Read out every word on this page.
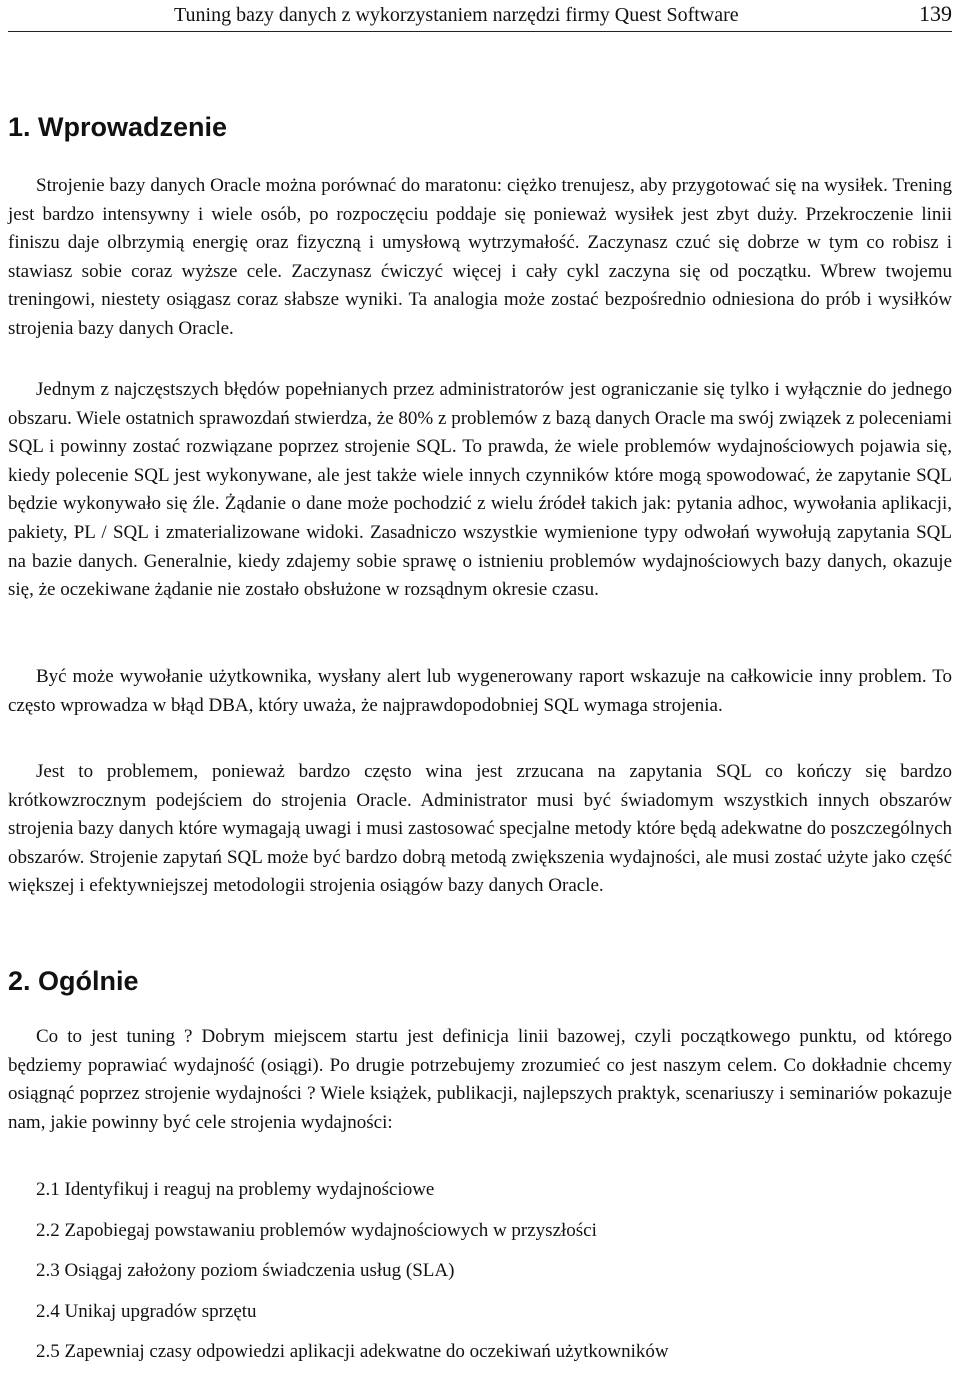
Tuning bazy danych z wykorzystaniem narzędzi firmy Quest Software	139
1. Wprowadzenie

Strojenie bazy danych Oracle można porównać do maratonu: ciężko trenujesz, aby przygotować się na wysiłek. Trening jest bardzo intensywny i wiele osób, po rozpoczęciu poddaje się ponieważ wysiłek jest zbyt duży. Przekroczenie linii finiszu daje olbrzymią energię oraz fizyczną i umysłową wytrzymałość. Zaczynasz czuć się dobrze w tym co robisz i stawiasz sobie coraz wyższe cele. Zaczynasz ćwiczyć więcej i cały cykl zaczyna się od początku. Wbrew twojemu treningowi, niestety osiągasz coraz słabsze wyniki. Ta analogia może zostać bezpośrednio odniesiona do prób i wysiłków strojenia bazy danych Oracle.

Jednym z najczęstszych błędów popełnianych przez administratorów jest ograniczanie się tylko i wyłącznie do jednego obszaru. Wiele ostatnich sprawozdań stwierdza, że 80% z problemów z bazą danych Oracle ma swój związek z poleceniami SQL i powinny zostać rozwiązane poprzez strojenie SQL. To prawda, że wiele problemów wydajnościowych pojawia się, kiedy polecenie SQL jest wykonywane, ale jest także wiele innych czynników które mogą spowodować, że zapytanie SQL będzie wykonywało się źle. Żądanie o dane może pochodzić z wielu źródeł takich jak: pytania adhoc, wywołania aplikacji, pakiety, PL / SQL i zmaterializowane widoki. Zasadniczo wszystkie wymienione typy odwołań wywołują zapytania SQL na bazie danych. Generalnie, kiedy zdajemy sobie sprawę o istnieniu problemów wydajnościowych bazy danych, okazuje się, że oczekiwane żądanie nie zostało obsłużone w rozsądnym okresie czasu.

Być może wywołanie użytkownika, wysłany alert lub wygenerowany raport wskazuje na całkowicie inny problem. To często wprowadza w błąd DBA, który uważa, że najprawdopodobniej SQL wymaga strojenia.

Jest to problemem, ponieważ bardzo często wina jest zrzucana na zapytania SQL co kończy się bardzo krótkowzrocznym podejściem do strojenia Oracle. Administrator musi być świadomym wszystkich innych obszarów strojenia bazy danych które wymagają uwagi i musi zastosować specjalne metody które będą adekwatne do poszczególnych obszarów. Strojenie zapytań SQL może być bardzo dobrą metodą zwiększenia wydajności, ale musi zostać użyte jako część większej i efektywniejszej metodologii strojenia osiągów bazy danych Oracle.

2. Ogólnie

Co to jest tuning ? Dobrym miejscem startu jest definicja linii bazowej, czyli początkowego punktu, od którego będziemy poprawiać wydajność (osiągi). Po drugie potrzebujemy zrozumieć co jest naszym celem. Co dokładnie chcemy osiągnąć poprzez strojenie wydajności ? Wiele książek, publikacji, najlepszych praktyk, scenariuszy i seminariów pokazuje nam, jakie powinny być cele strojenia wydajności:

2.1 Identyfikuj i reaguj na problemy wydajnościowe
2.2 Zapobiegaj powstawaniu problemów wydajnościowych w przyszłości
2.3 Osiągaj założony poziom świadczenia usług (SLA)
2.4 Unikaj upgradów sprzętu
2.5 Zapewniaj czasy odpowiedzi aplikacji adekwatne do oczekiwań użytkowników
